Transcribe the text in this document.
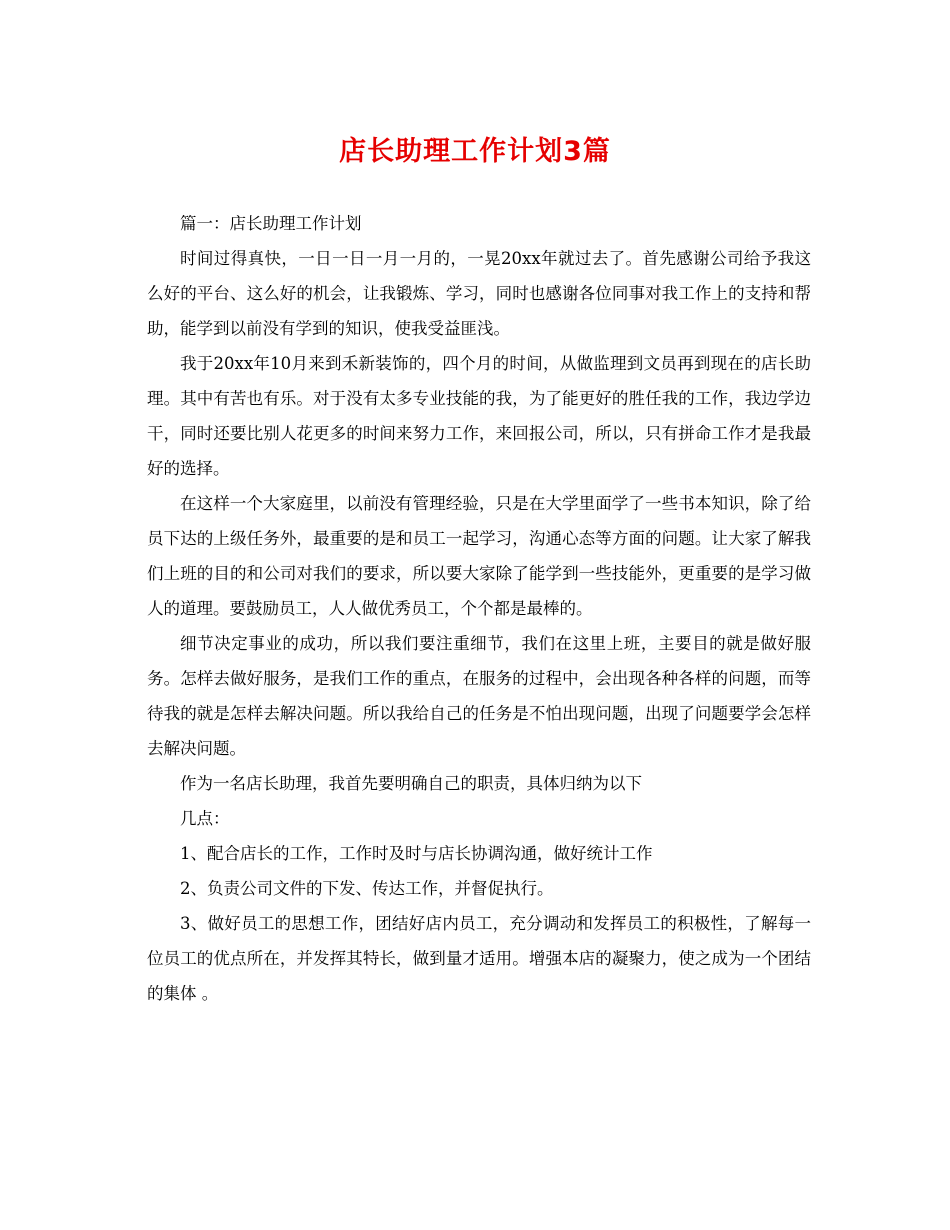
店长助理工作计划3篇

篇一：店长助理工作计划

时间过得真快，一日一日一月一月的，一晃20xx年就过去了。首先感谢公司给予我这么好的平台、这么好的机会，让我锻炼、学习，同时也感谢各位同事对我工作上的支持和帮助，能学到以前没有学到的知识，使我受益匪浅。

我于20xx年10月来到禾新装饰的，四个月的时间，从做监理到文员再到现在的店长助理。其中有苦也有乐。对于没有太多专业技能的我，为了能更好的胜任我的工作，我边学边干，同时还要比别人花更多的时间来努力工作，来回报公司，所以，只有拼命工作才是我最好的选择。

在这样一个大家庭里，以前没有管理经验，只是在大学里面学了一些书本知识，除了给员下达的上级任务外，最重要的是和员工一起学习，沟通心态等方面的问题。让大家了解我们上班的目的和公司对我们的要求，所以要大家除了能学到一些技能外，更重要的是学习做人的道理。要鼓励员工，人人做优秀员工，个个都是最棒的。

细节决定事业的成功，所以我们要注重细节，我们在这里上班，主要目的就是做好服务。怎样去做好服务，是我们工作的重点，在服务的过程中，会出现各种各样的问题，而等待我的就是怎样去解决问题。所以我给自己的任务是不怕出现问题，出现了问题要学会怎样去解决问题。

作为一名店长助理，我首先要明确自己的职责，具体归纳为以下

几点：

1、配合店长的工作，工作时及时与店长协调沟通，做好统计工作

2、负责公司文件的下发、传达工作，并督促执行。

3、做好员工的思想工作，团结好店内员工，充分调动和发挥员工的积极性，了解每一位员工的优点所在，并发挥其特长，做到量才适用。增强本店的凝聚力，使之成为一个团结的集体 。
